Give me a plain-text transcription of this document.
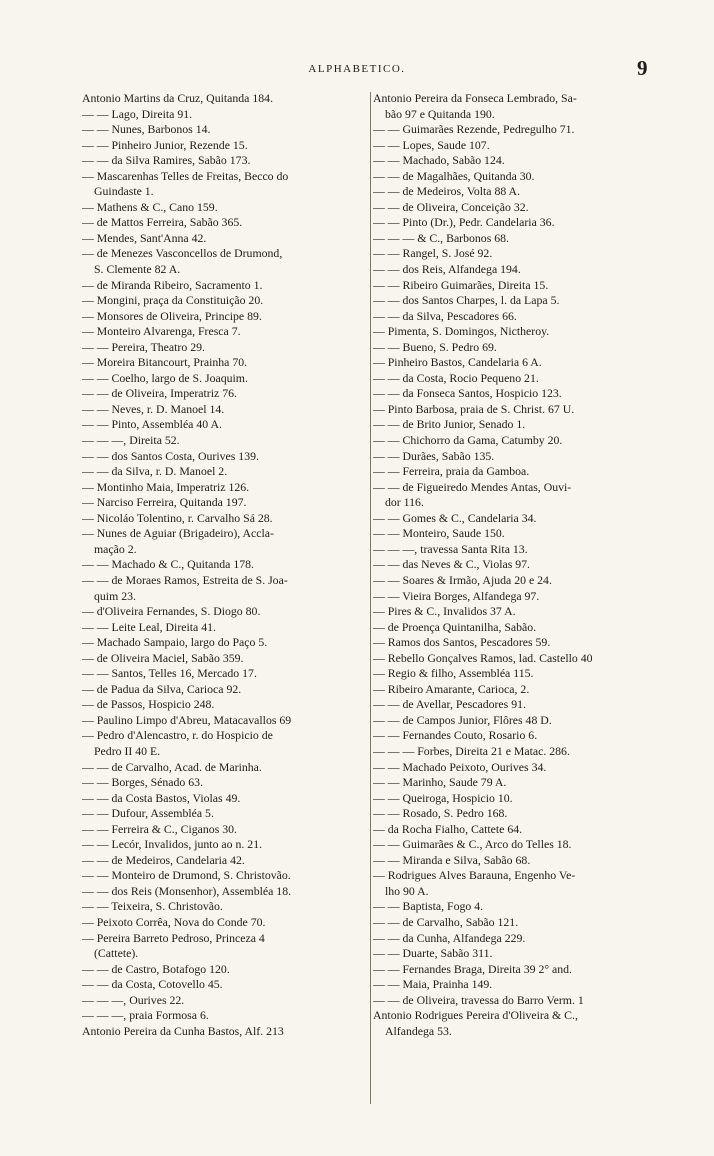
ALPHABETICO.	9
Antonio Martins da Cruz, Quitanda 184.
— — Lago, Direita 91.
— — Nunes, Barbonos 14.
— — Pinheiro Junior, Rezende 15.
— — da Silva Ramires, Sabão 173.
— Mascarenhas Telles de Freitas, Becco do
Guindaste 1.
— Mathens & C., Cano 159.
— de Mattos Ferreira, Sabão 365.
— Mendes, Sant'Anna 42.
— de Menezes Vasconcellos de Drumond,
S. Clemente 82 A.
— de Miranda Ribeiro, Sacramento 1.
— Mongini, praça da Constituição 20.
— Monsores de Oliveira, Principe 89.
— Monteiro Alvarenga, Fresca 7.
— — Pereira, Theatro 29.
— Moreira Bitancourt, Prainha 70.
— — Coelho, largo de S. Joaquim.
— — de Oliveira, Imperatriz 76.
— — Neves, r. D. Manoel 14.
— — Pinto, Assembléa 40 A.
— — —, Direita 52.
— — dos Santos Costa, Ourives 139.
— — da Silva, r. D. Manoel 2.
— Montinho Maia, Imperatriz 126.
— Narciso Ferreira, Quitanda 197.
— Nicoláo Tolentino, r. Carvalho Sá 28.
— Nunes de Aguiar (Brigadeiro), Accla-
mação 2.
— — Machado & C., Quitanda 178.
— — de Moraes Ramos, Estreita de S. Joa-
quim 23.
— d'Oliveira Fernandes, S. Diogo 80.
— — Leite Leal, Direita 41.
— Machado Sampaio, largo do Paço 5.
— de Oliveira Maciel, Sabão 359.
— — Santos, Telles 16, Mercado 17.
— de Padua da Silva, Carioca 92.
— de Passos, Hospicio 248.
— Paulino Limpo d'Abreu, Matacavallos 69
— Pedro d'Alencastro, r. do Hospicio de
Pedro II 40 E.
— — de Carvalho, Acad. de Marinha.
— — Borges, Sénado 63.
— — da Costa Bastos, Violas 49.
— — Dufour, Assembléa 5.
— — Ferreira & C., Ciganos 30.
— — Lecór, Invalidos, junto ao n. 21.
— — de Medeiros, Candelaria 42.
— — Monteiro de Drumond, S. Christovão.
— — dos Reis (Monsenhor), Assembléa 18.
— — Teixeira, S. Christovão.
— Peixoto Corrêa, Nova do Conde 70.
— Pereira Barreto Pedroso, Princeza 4
(Cattete).
— — de Castro, Botafogo 120.
— — da Costa, Cotovello 45.
— — —, Ourives 22.
— — —, praia Formosa 6.
Antonio Pereira da Cunha Bastos, Alf. 213
Antonio Pereira da Fonseca Lembrado, Sa-
bão 97 e Quitanda 190.
— — Guimarães Rezende, Pedregulho 71.
— — Lopes, Saude 107.
— — Machado, Sabão 124.
— — de Magalhães, Quitanda 30.
— — de Medeiros, Volta 88 A.
— — de Oliveira, Conceição 32.
— — Pinto (Dr.), Pedr. Candelaria 36.
— — — & C., Barbonos 68.
— — Rangel, S. José 92.
— — dos Reis, Alfandega 194.
— — Ribeiro Guimarães, Direita 15.
— — dos Santos Charpes, l. da Lapa 5.
— — da Silva, Pescadores 66.
— Pimenta, S. Domingos, Nictheroy.
— — Bueno, S. Pedro 69.
— Pinheiro Bastos, Candelaria 6 A.
— — da Costa, Rocio Pequeno 21.
— — da Fonseca Santos, Hospicio 123.
— Pinto Barbosa, praia de S. Christ. 67 U.
— — de Brito Junior, Senado 1.
— — Chichorro da Gama, Catumby 20.
— — Durães, Sabão 135.
— — Ferreira, praia da Gamboa.
— — de Figueiredo Mendes Antas, Ouvi-
dor 116.
— — Gomes & C., Candelaria 34.
— — Monteiro, Saude 150.
— — —, travessa Santa Rita 13.
— — das Neves & C., Violas 97.
— — Soares & Irmão, Ajuda 20 e 24.
— — Vieira Borges, Alfandega 97.
— Pires & C., Invalidos 37 A.
— de Proença Quintanilha, Sabão.
— Ramos dos Santos, Pescadores 59.
— Rebello Gonçalves Ramos, lad. Castello 40
— Regio & filho, Assembléa 115.
— Ribeiro Amarante, Carioca, 2.
— — de Avellar, Pescadores 91.
— — de Campos Junior, Flôres 48 D.
— — Fernandes Couto, Rosario 6.
— — — Forbes, Direita 21 e Matac. 286.
— — Machado Peixoto, Ourives 34.
— — Marinho, Saude 79 A.
— — Queiroga, Hospicio 10.
— — Rosado, S. Pedro 168.
— da Rocha Fialho, Cattete 64.
— — Guimarães & C., Arco do Telles 18.
— — Miranda e Silva, Sabão 68.
— Rodrigues Alves Barauna, Engenho Ve-
lho 90 A.
— — Baptista, Fogo 4.
— — de Carvalho, Sabão 121.
— — da Cunha, Alfandega 229.
— — Duarte, Sabão 311.
— — Fernandes Braga, Direita 39 2° and.
— — Maia, Prainha 149.
— — de Oliveira, travessa do Barro Verm. 1
Antonio Rodrigues Pereira d'Oliveira & C.,
Alfandega 53.
